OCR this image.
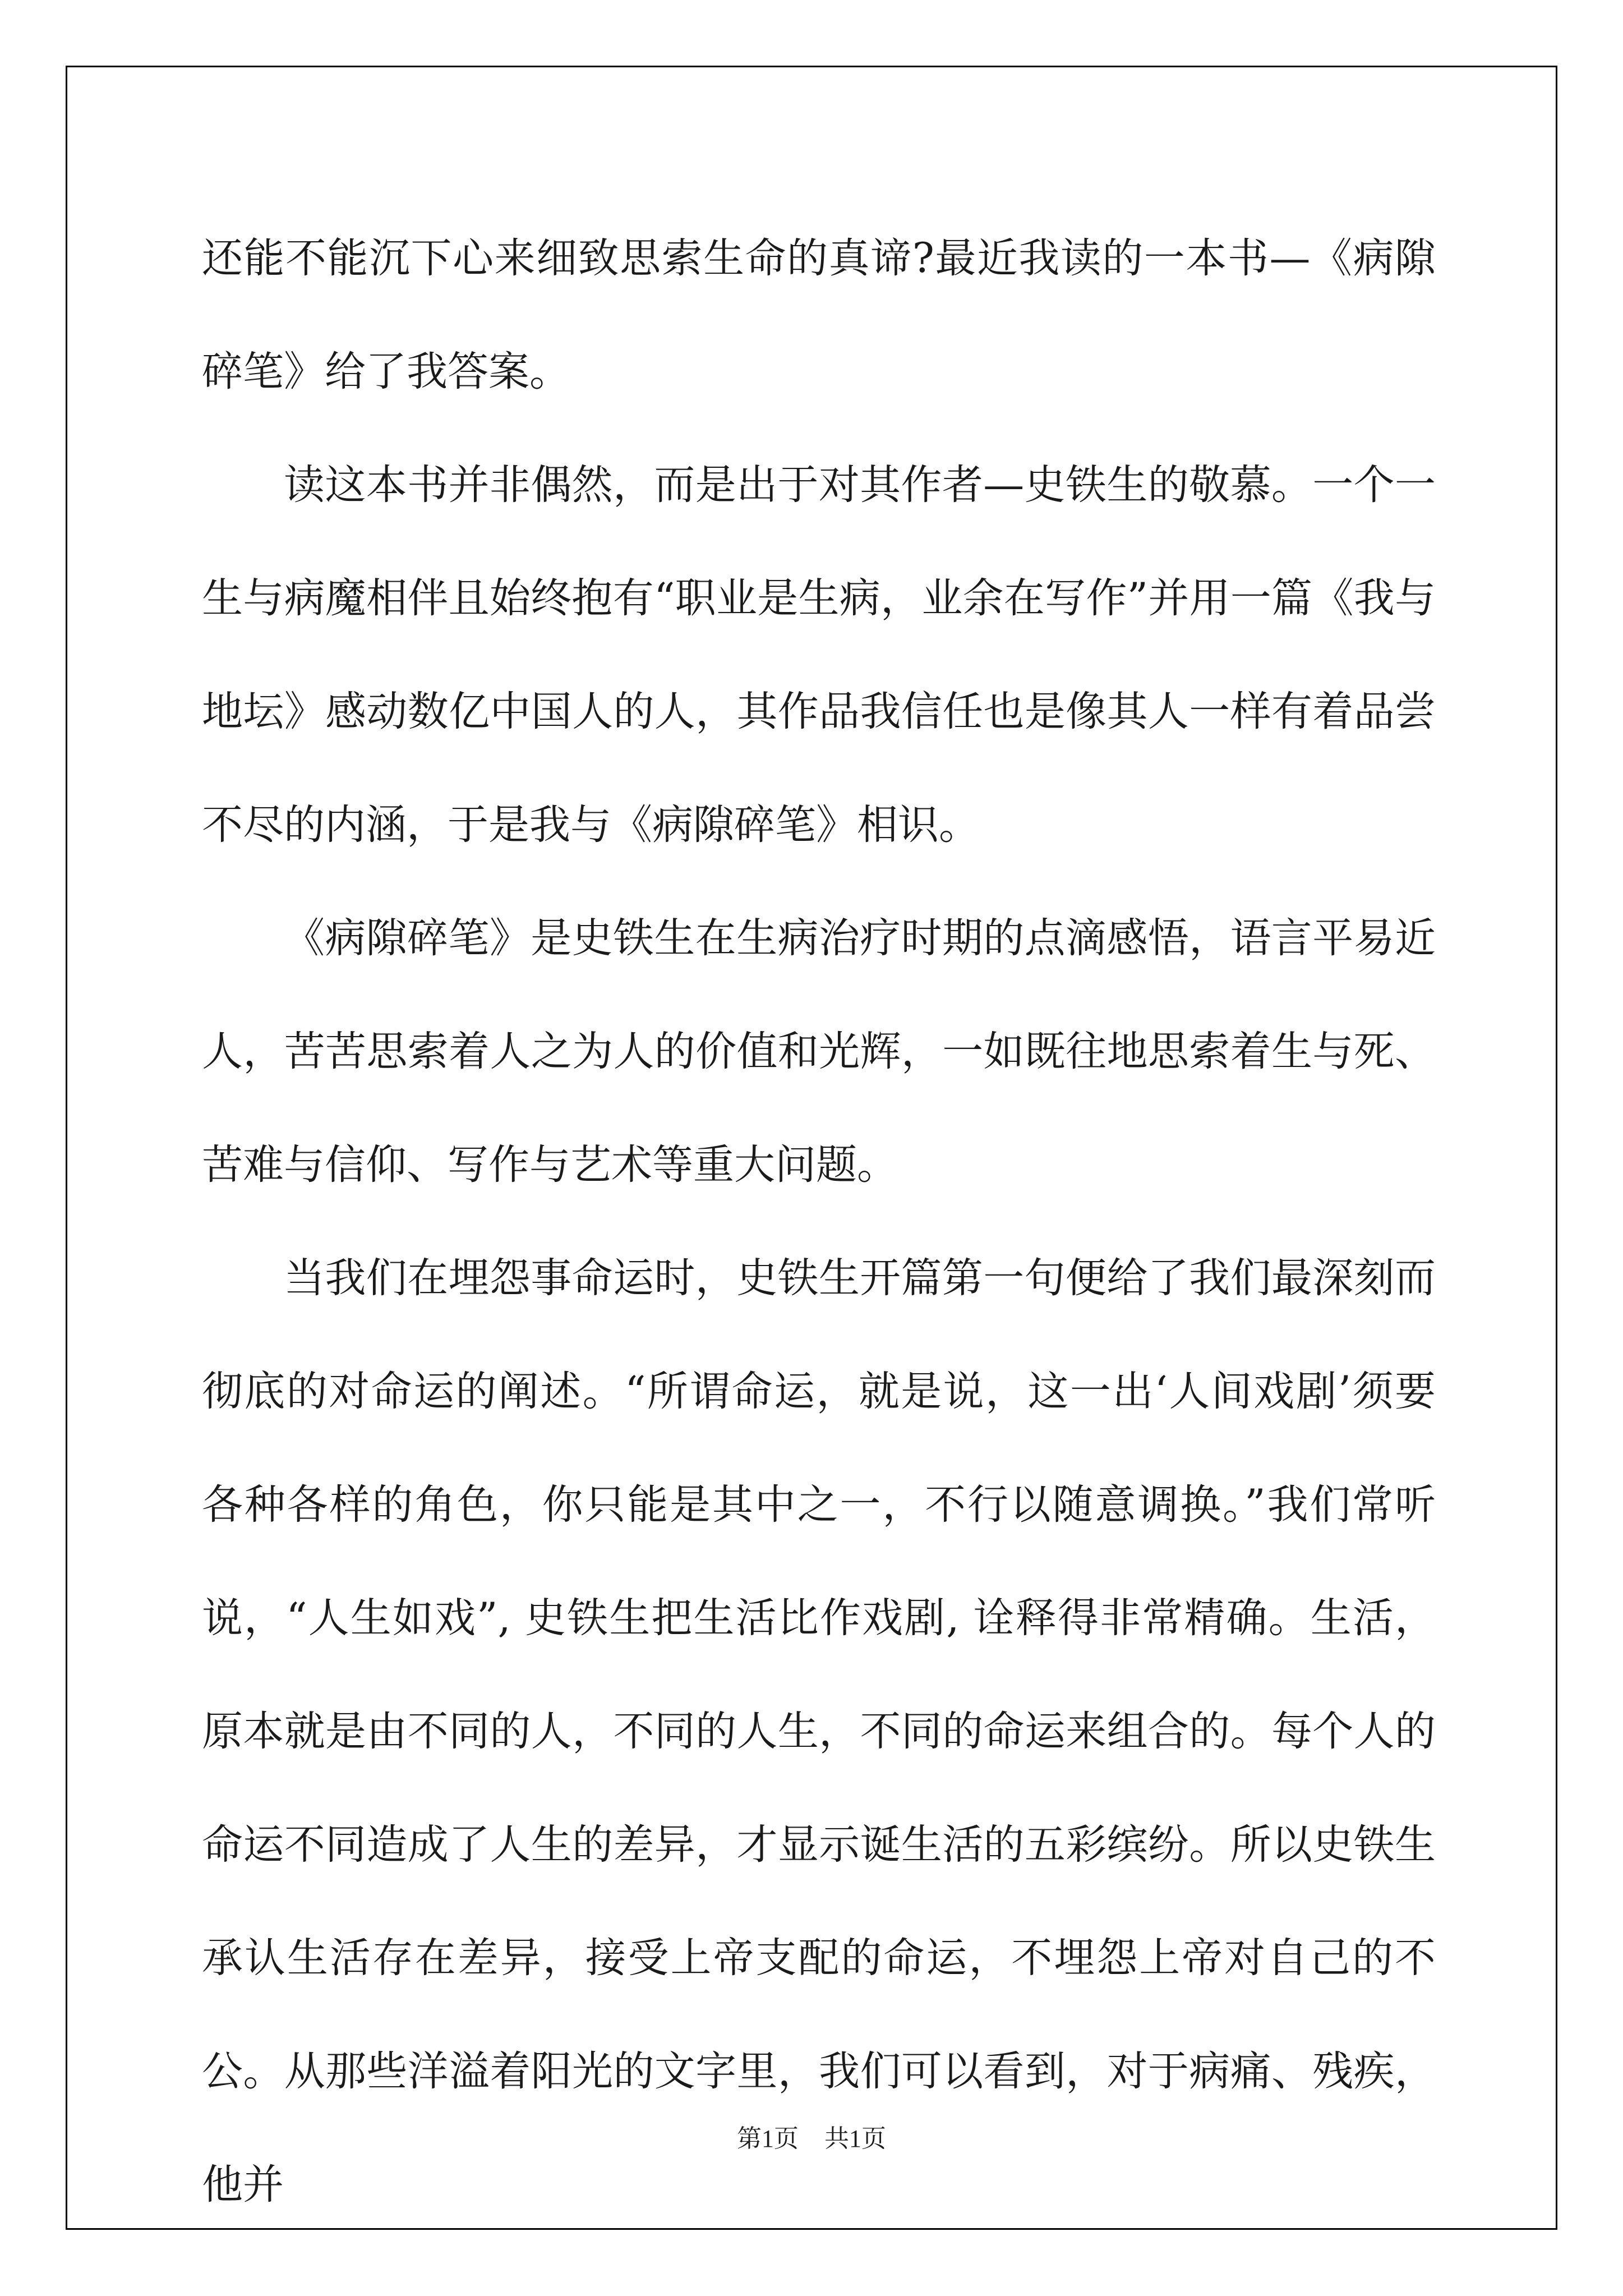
还能不能沉下心来细致思索生命的真谛?最近我读的一本书—《病隙碎笔》给了我答案。

读这本书并非偶然，而是出于对其作者—史铁生的敬慕。一个一生与病魔相伴且始终抱有“职业是生病，业余在写作”并用一篇《我与地坛》感动数亿中国人的人，其作品我信任也是像其人一样有着品尝不尽的内涵，于是我与《病隙碎笔》相识。

《病隙碎笔》是史铁生在生病治疗时期的点滴感悟，语言平易近人，苦苦思索着人之为人的价值和光辉，一如既往地思索着生与死、苦难与信仰、写作与艺术等重大问题。

当我们在埋怨事命运时，史铁生开篇第一句便给了我们最深刻而彻底的对命运的阐述。“所谓命运，就是说，这一出‘人间戏剧’须要各种各样的角色，你只能是其中之一，不行以随意调换。”我们常听说，“人生如戏”, 史铁生把生活比作戏剧, 诠释得非常精确。生活，原本就是由不同的人，不同的人生，不同的命运来组合的。每个人的命运不同造成了人生的差异，才显示诞生活的五彩缤纷。所以史铁生承认生活存在差异，接受上帝支配的命运，不埋怨上帝对自己的不公。从那些洋溢着阳光的文字里，我们可以看到，对于病痛、残疾，他并

第1页 共1页
